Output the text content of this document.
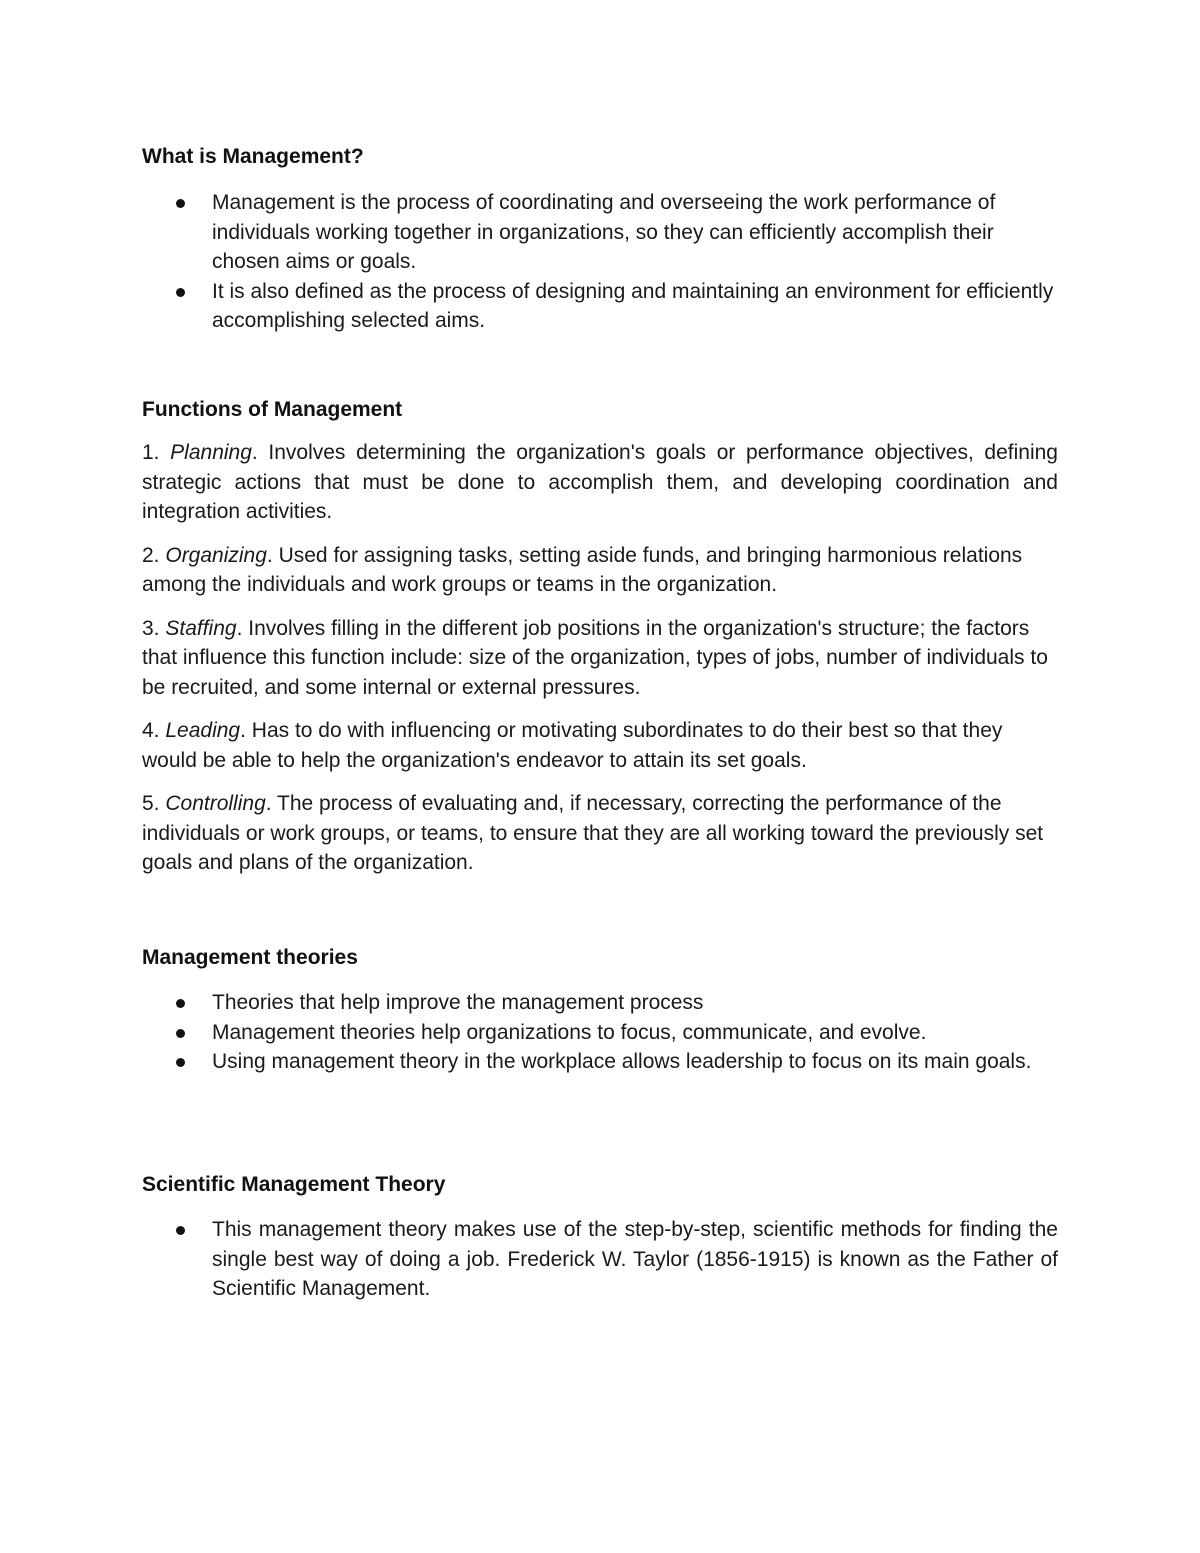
What is Management?
Management is the process of coordinating and overseeing the work performance of individuals working together in organizations, so they can efficiently accomplish their chosen aims or goals.
It is also defined as the process of designing and maintaining an environment for efficiently accomplishing selected aims.
Functions of Management

1. Planning. Involves determining the organization's goals or performance objectives, defining strategic actions that must be done to accomplish them, and developing coordination and integration activities.

2. Organizing. Used for assigning tasks, setting aside funds, and bringing harmonious relations among the individuals and work groups or teams in the organization.

3. Staffing. Involves filling in the different job positions in the organization's structure; the factors that influence this function include: size of the organization, types of jobs, number of individuals to be recruited, and some internal or external pressures.

4. Leading. Has to do with influencing or motivating subordinates to do their best so that they would be able to help the organization's endeavor to attain its set goals.

5. Controlling. The process of evaluating and, if necessary, correcting the performance of the individuals or work groups, or teams, to ensure that they are all working toward the previously set goals and plans of the organization.

Management theories
Theories that help improve the management process
Management theories help organizations to focus, communicate, and evolve.
Using management theory in the workplace allows leadership to focus on its main goals.
Scientific Management Theory
This management theory makes use of the step-by-step, scientific methods for finding the single best way of doing a job. Frederick W. Taylor (1856-1915) is known as the Father of Scientific Management.
